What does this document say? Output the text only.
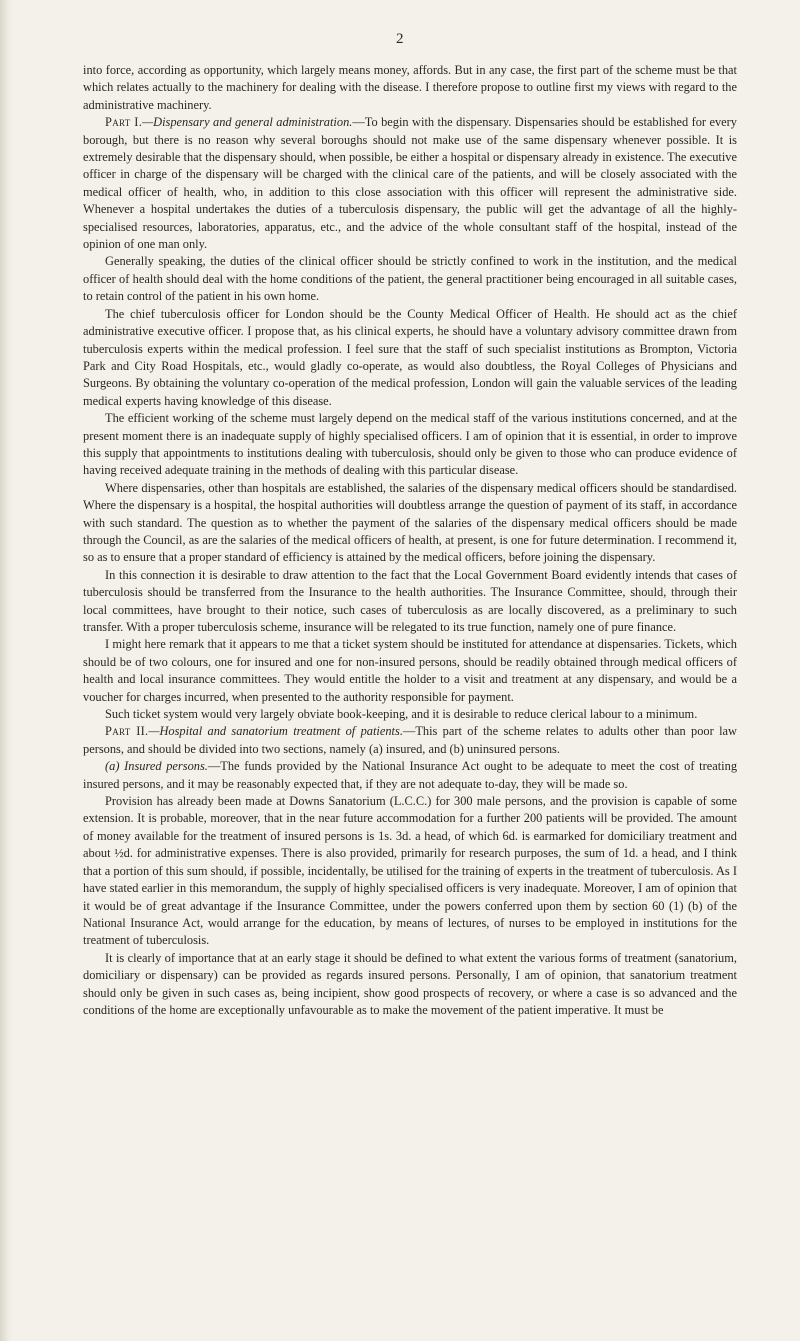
2

into force, according as opportunity, which largely means money, affords. But in any case, the first part of the scheme must be that which relates actually to the machinery for dealing with the disease. I therefore propose to outline first my views with regard to the administrative machinery.

Part I.—Dispensary and general administration.—To begin with the dispensary. Dispensaries should be established for every borough, but there is no reason why several boroughs should not make use of the same dispensary whenever possible. It is extremely desirable that the dispensary should, when possible, be either a hospital or dispensary already in existence. The executive officer in charge of the dispensary will be charged with the clinical care of the patients, and will be closely associated with the medical officer of health, who, in addition to this close association with this officer will represent the administrative side. Whenever a hospital undertakes the duties of a tuberculosis dispensary, the public will get the advantage of all the highly-specialised resources, laboratories, apparatus, etc., and the advice of the whole consultant staff of the hospital, instead of the opinion of one man only.

Generally speaking, the duties of the clinical officer should be strictly confined to work in the institution, and the medical officer of health should deal with the home conditions of the patient, the general practitioner being encouraged in all suitable cases, to retain control of the patient in his own home.

The chief tuberculosis officer for London should be the County Medical Officer of Health. He should act as the chief administrative executive officer. I propose that, as his clinical experts, he should have a voluntary advisory committee drawn from tuberculosis experts within the medical profession. I feel sure that the staff of such specialist institutions as Brompton, Victoria Park and City Road Hospitals, etc., would gladly co-operate, as would also doubtless, the Royal Colleges of Physicians and Surgeons. By obtaining the voluntary co-operation of the medical profession, London will gain the valuable services of the leading medical experts having knowledge of this disease.

The efficient working of the scheme must largely depend on the medical staff of the various institutions concerned, and at the present moment there is an inadequate supply of highly specialised officers. I am of opinion that it is essential, in order to improve this supply that appointments to institutions dealing with tuberculosis, should only be given to those who can produce evidence of having received adequate training in the methods of dealing with this particular disease.

Where dispensaries, other than hospitals are established, the salaries of the dispensary medical officers should be standardised. Where the dispensary is a hospital, the hospital authorities will doubtless arrange the question of payment of its staff, in accordance with such standard. The question as to whether the payment of the salaries of the dispensary medical officers should be made through the Council, as are the salaries of the medical officers of health, at present, is one for future determination. I recommend it, so as to ensure that a proper standard of efficiency is attained by the medical officers, before joining the dispensary.

In this connection it is desirable to draw attention to the fact that the Local Government Board evidently intends that cases of tuberculosis should be transferred from the Insurance to the health authorities. The Insurance Committee, should, through their local committees, have brought to their notice, such cases of tuberculosis as are locally discovered, as a preliminary to such transfer. With a proper tuberculosis scheme, insurance will be relegated to its true function, namely one of pure finance.

I might here remark that it appears to me that a ticket system should be instituted for attendance at dispensaries. Tickets, which should be of two colours, one for insured and one for non-insured persons, should be readily obtained through medical officers of health and local insurance committees. They would entitle the holder to a visit and treatment at any dispensary, and would be a voucher for charges incurred, when presented to the authority responsible for payment.

Such ticket system would very largely obviate book-keeping, and it is desirable to reduce clerical labour to a minimum.

Part II.—Hospital and sanatorium treatment of patients.—This part of the scheme relates to adults other than poor law persons, and should be divided into two sections, namely (a) insured, and (b) uninsured persons.

(a) Insured persons.—The funds provided by the National Insurance Act ought to be adequate to meet the cost of treating insured persons, and it may be reasonably expected that, if they are not adequate to-day, they will be made so.

Provision has already been made at Downs Sanatorium (L.C.C.) for 300 male persons, and the provision is capable of some extension. It is probable, moreover, that in the near future accommodation for a further 200 patients will be provided. The amount of money available for the treatment of insured persons is 1s. 3d. a head, of which 6d. is earmarked for domiciliary treatment and about ½d. for administrative expenses. There is also provided, primarily for research purposes, the sum of 1d. a head, and I think that a portion of this sum should, if possible, incidentally, be utilised for the training of experts in the treatment of tuberculosis. As I have stated earlier in this memorandum, the supply of highly specialised officers is very inadequate. Moreover, I am of opinion that it would be of great advantage if the Insurance Committee, under the powers conferred upon them by section 60 (1) (b) of the National Insurance Act, would arrange for the education, by means of lectures, of nurses to be employed in institutions for the treatment of tuberculosis.

It is clearly of importance that at an early stage it should be defined to what extent the various forms of treatment (sanatorium, domiciliary or dispensary) can be provided as regards insured persons. Personally, I am of opinion, that sanatorium treatment should only be given in such cases as, being incipient, show good prospects of recovery, or where a case is so advanced and the conditions of the home are exceptionally unfavourable as to make the movement of the patient imperative. It must be
